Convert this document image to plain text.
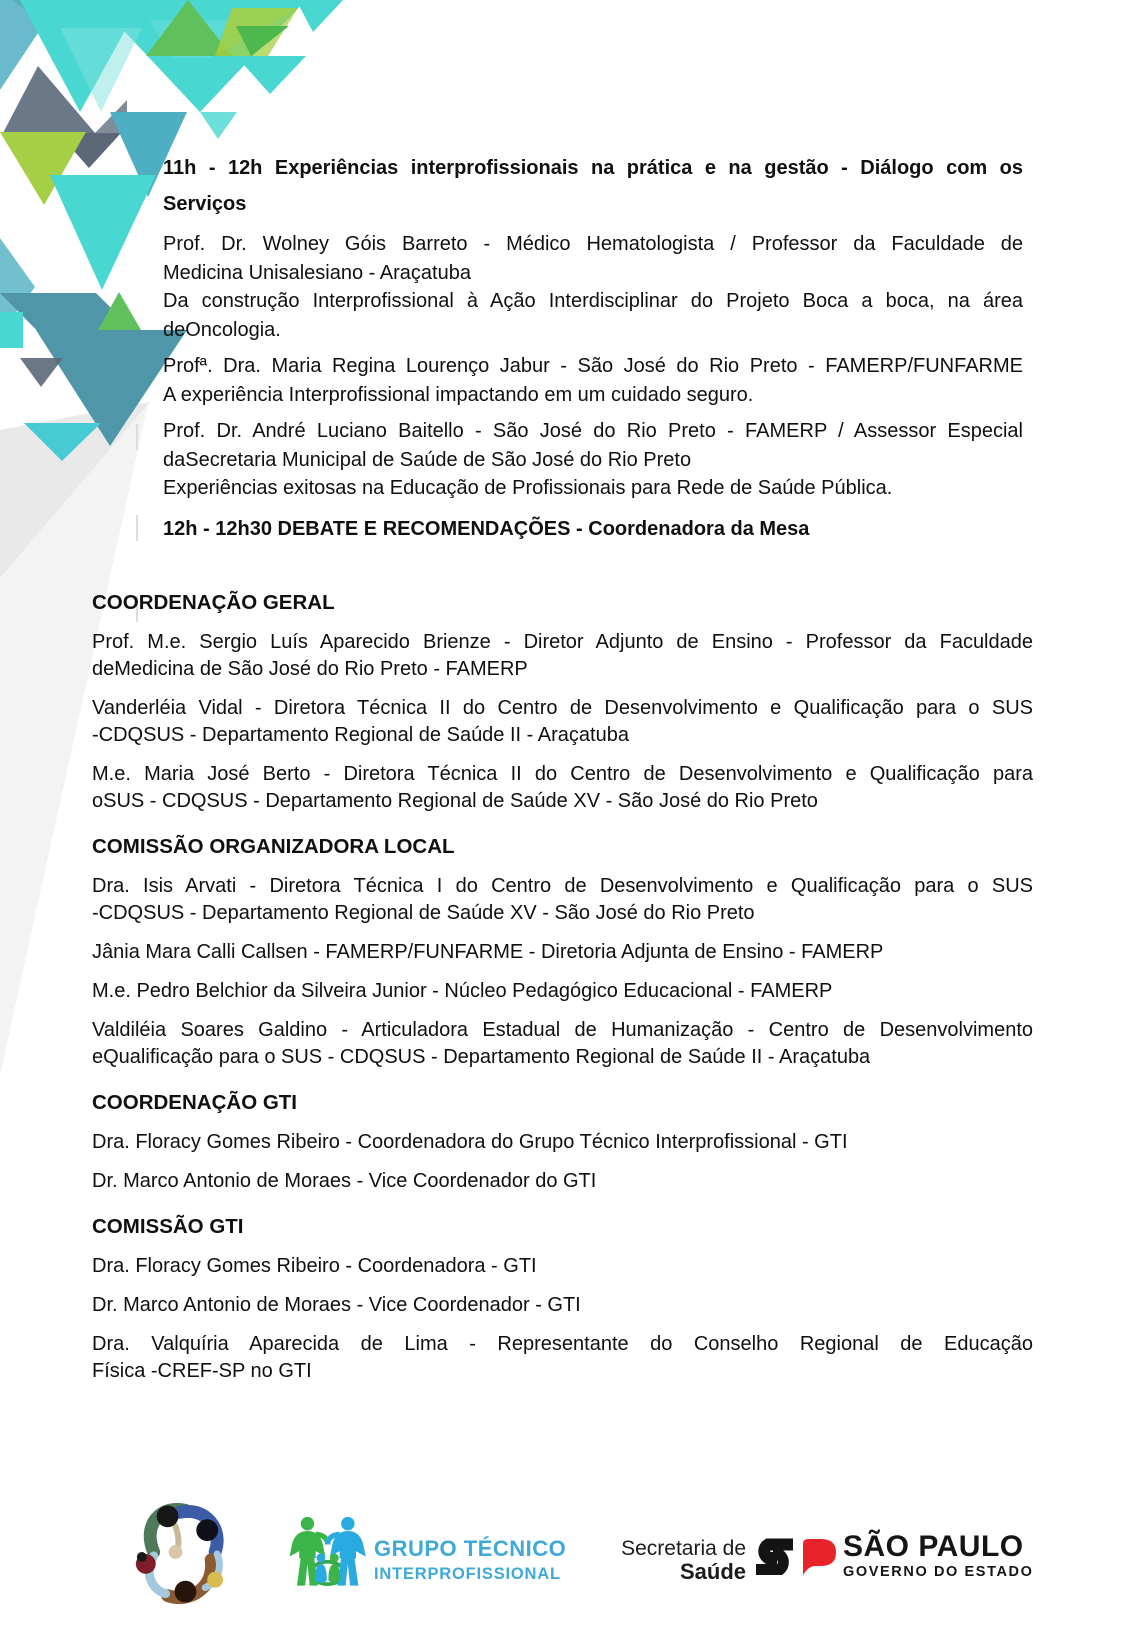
11h - 12h Experiências interprofissionais na prática e na gestão - Diálogo com os
Serviços
Prof. Dr. Wolney Góis Barreto - Médico Hematologista / Professor da Faculdade de
Medicina Unisalesiano - Araçatuba
Da construção Interprofissional à Ação Interdisciplinar do Projeto Boca a boca, na área
deOncologia.
Profª. Dra. Maria Regina Lourenço Jabur - São José do Rio Preto - FAMERP/FUNFARME
A experiência Interprofissional impactando em um cuidado seguro.
Prof. Dr. André Luciano Baitello - São José do Rio Preto - FAMERP / Assessor Especial
daSecretaria Municipal de Saúde de São José do Rio Preto
Experiências exitosas na Educação de Profissionais para Rede de Saúde Pública.
12h - 12h30 DEBATE E RECOMENDAÇÕES - Coordenadora da Mesa
COORDENAÇÃO GERAL
Prof. M.e. Sergio Luís Aparecido Brienze - Diretor Adjunto de Ensino - Professor da Faculdade
deMedicina de São José do Rio Preto - FAMERP
Vanderléia Vidal - Diretora Técnica II do Centro de Desenvolvimento e Qualificação para o SUS
-CDQSUS - Departamento Regional de Saúde II - Araçatuba
M.e. Maria José Berto - Diretora Técnica II do Centro de Desenvolvimento e Qualificação para
oSUS - CDQSUS - Departamento Regional de Saúde XV - São José do Rio Preto
COMISSÃO ORGANIZADORA LOCAL
Dra. Isis Arvati - Diretora Técnica I do Centro de Desenvolvimento e Qualificação para o SUS
-CDQSUS - Departamento Regional de Saúde XV - São José do Rio Preto
Jânia Mara Calli Callsen - FAMERP/FUNFARME - Diretoria Adjunta de Ensino - FAMERP
M.e. Pedro Belchior da Silveira Junior - Núcleo Pedagógico Educacional - FAMERP
Valdiléia Soares Galdino - Articuladora Estadual de Humanização - Centro de Desenvolvimento
eQualificação para o SUS - CDQSUS - Departamento Regional de Saúde II - Araçatuba
COORDENAÇÃO GTI
Dra. Floracy Gomes Ribeiro - Coordenadora do Grupo Técnico Interprofissional - GTI
Dr. Marco Antonio de Moraes - Vice Coordenador do GTI
COMISSÃO GTI
Dra. Floracy Gomes Ribeiro - Coordenadora - GTI
Dr. Marco Antonio de Moraes - Vice Coordenador - GTI
Dra. Valquíria Aparecida de Lima - Representante do Conselho Regional de Educação
Física -CREF-SP no GTI
GRUPO TÉCNICO
INTERPROFISSIONAL
Secretaria de
Saúde
SÃO PAULO
GOVERNO DO ESTADO
